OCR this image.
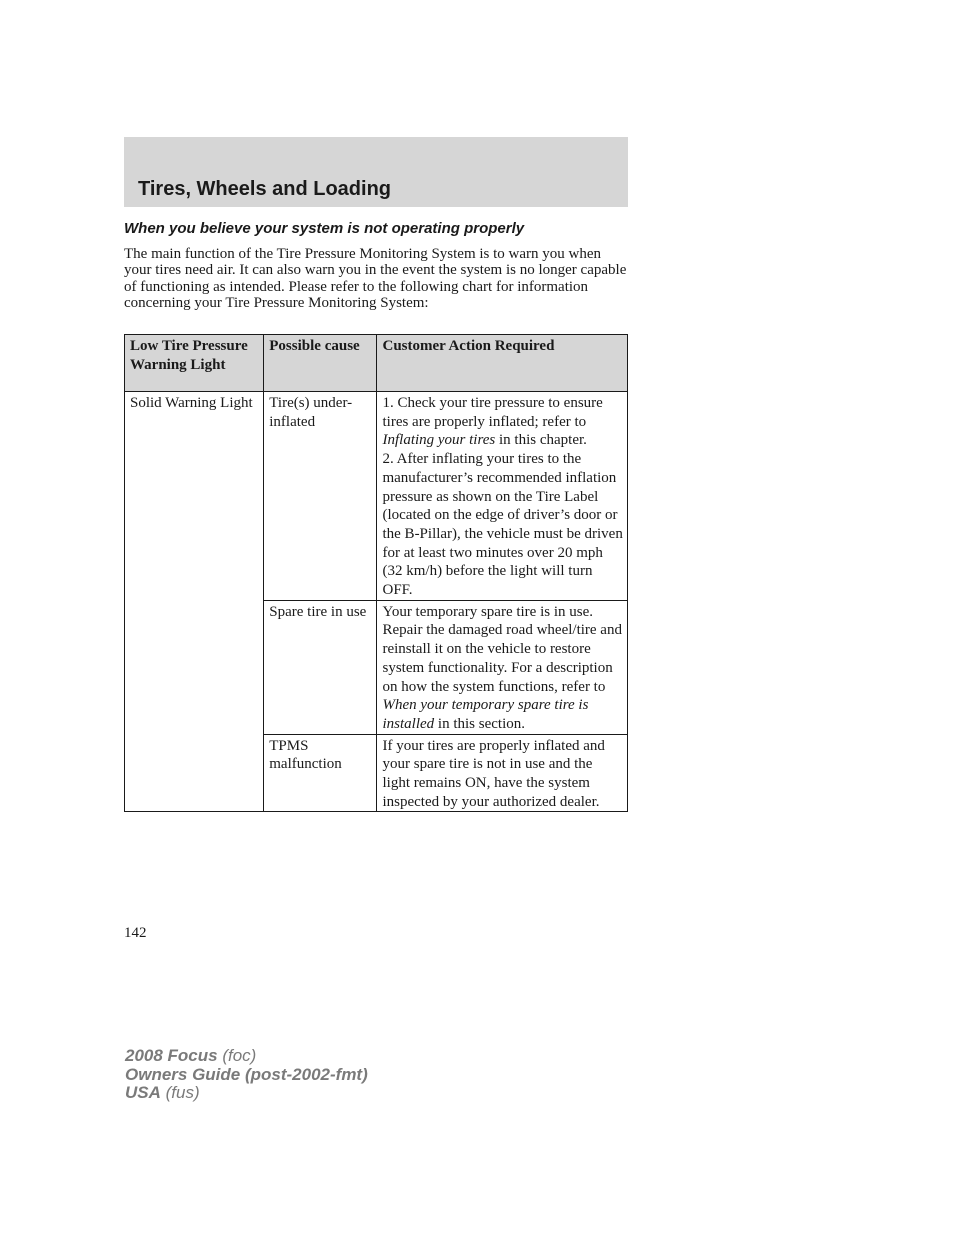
Tires, Wheels and Loading
When you believe your system is not operating properly

The main function of the Tire Pressure Monitoring System is to warn you when your tires need air. It can also warn you in the event the system is no longer capable of functioning as intended. Please refer to the following chart for information concerning your Tire Pressure Monitoring System:

Low Tire Pressure Warning Light	Possible cause	Customer Action Required
Solid Warning Light	Tire(s) under-inflated	1. Check your tire pressure to ensure tires are properly inflated; refer to Inflating your tires in this chapter.
2. After inflating your tires to the manufacturer’s recommended inflation pressure as shown on the Tire Label (located on the edge of driver’s door or the B-Pillar), the vehicle must be driven for at least two minutes over 20 mph (32 km/h) before the light will turn OFF.
	Spare tire in use	Your temporary spare tire is in use. Repair the damaged road wheel/tire and reinstall it on the vehicle to restore system functionality. For a description on how the system functions, refer to When your temporary spare tire is installed in this section.
	TPMS malfunction	If your tires are properly inflated and your spare tire is not in use and the light remains ON, have the system inspected by your authorized dealer.
142
2008 Focus (foc)
Owners Guide (post-2002-fmt)
USA (fus)
